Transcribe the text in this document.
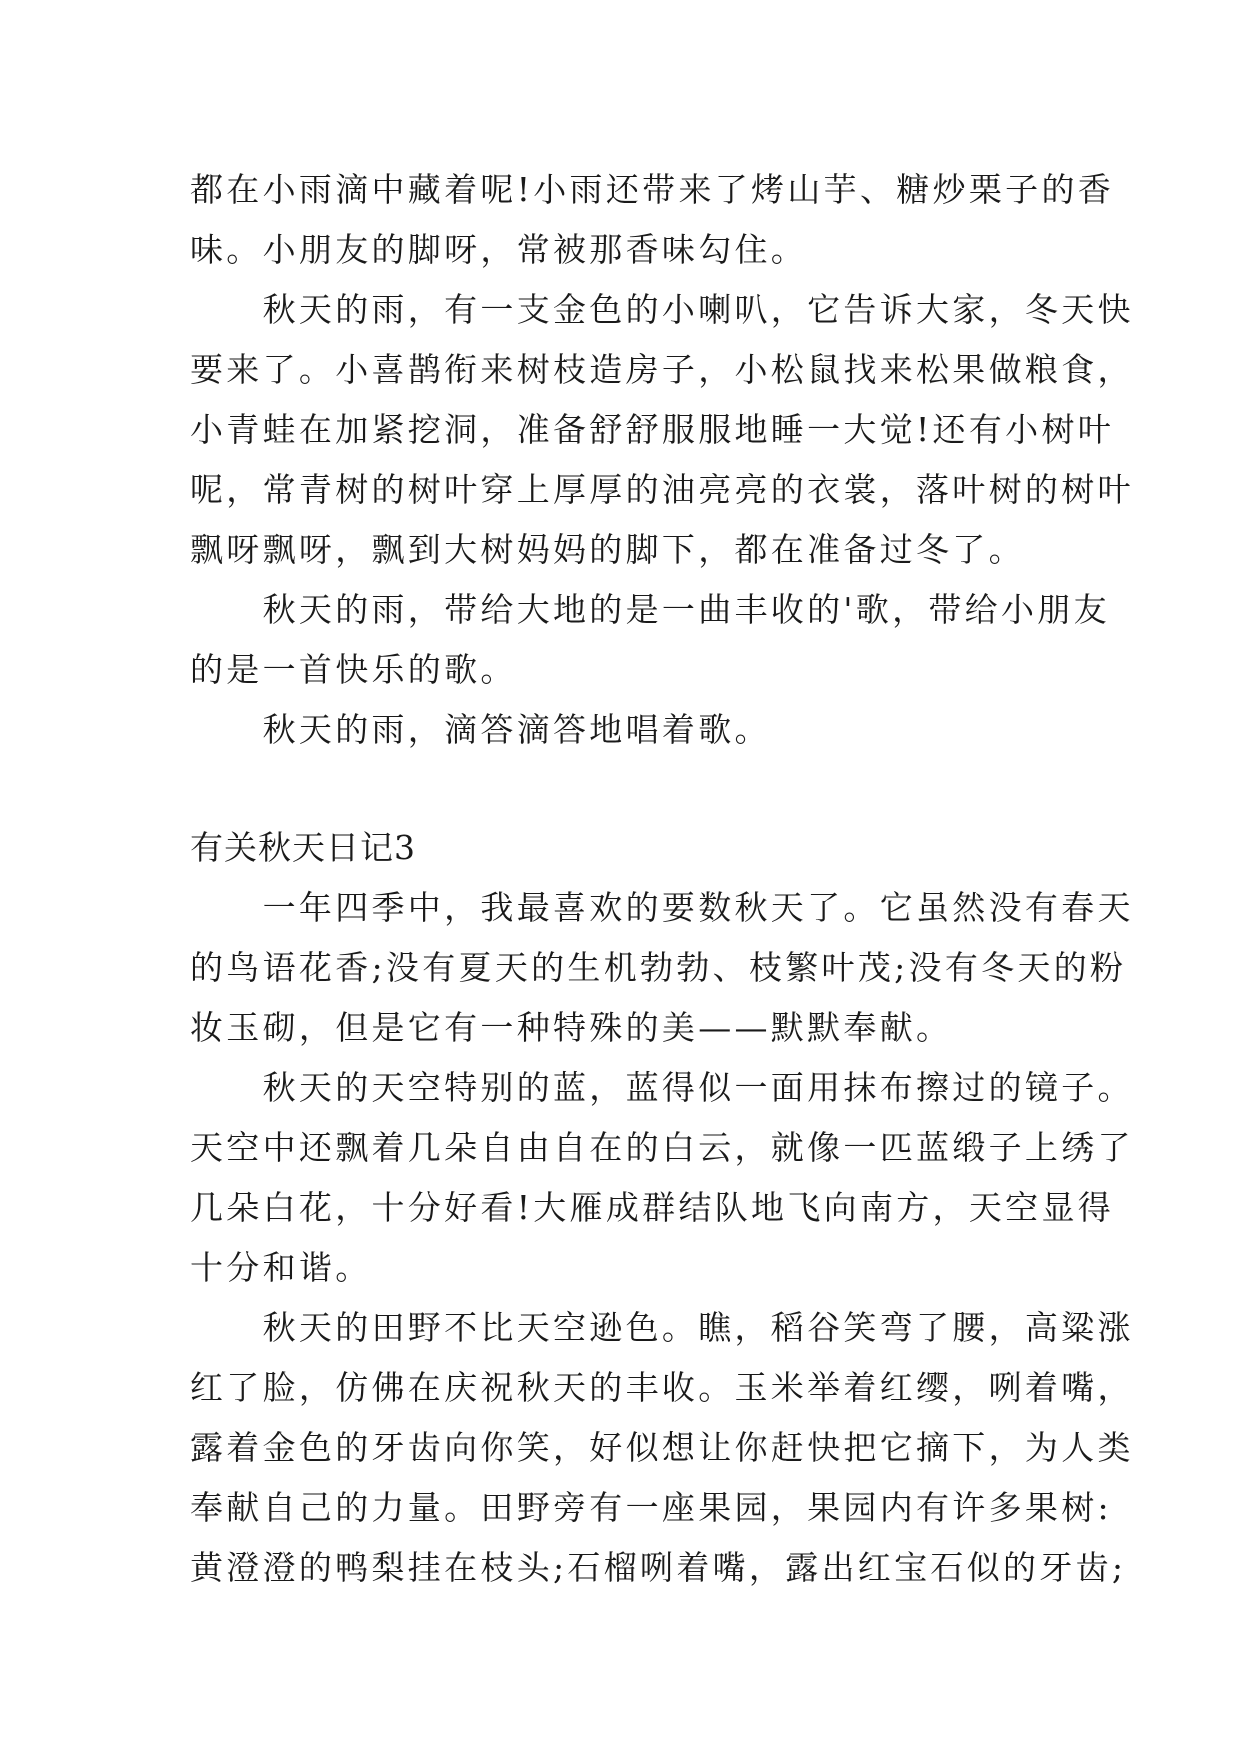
都在小雨滴中藏着呢!小雨还带来了烤山芋、糖炒栗子的香
味。小朋友的脚呀，常被那香味勾住。
　　秋天的雨，有一支金色的小喇叭，它告诉大家，冬天快
要来了。小喜鹊衔来树枝造房子，小松鼠找来松果做粮食，
小青蛙在加紧挖洞，准备舒舒服服地睡一大觉!还有小树叶
呢，常青树的树叶穿上厚厚的油亮亮的衣裳，落叶树的树叶
飘呀飘呀，飘到大树妈妈的脚下，都在准备过冬了。
　　秋天的雨，带给大地的是一曲丰收的'歌，带给小朋友
的是一首快乐的歌。
　　秋天的雨，滴答滴答地唱着歌。
有关秋天日记3
　　一年四季中，我最喜欢的要数秋天了。它虽然没有春天
的鸟语花香;没有夏天的生机勃勃、枝繁叶茂;没有冬天的粉
妆玉砌，但是它有一种特殊的美——默默奉献。
　　秋天的天空特别的蓝，蓝得似一面用抹布擦过的镜子。
天空中还飘着几朵自由自在的白云，就像一匹蓝缎子上绣了
几朵白花，十分好看!大雁成群结队地飞向南方，天空显得
十分和谐。
　　秋天的田野不比天空逊色。瞧，稻谷笑弯了腰，高粱涨
红了脸，仿佛在庆祝秋天的丰收。玉米举着红缨，咧着嘴，
露着金色的牙齿向你笑，好似想让你赶快把它摘下，为人类
奉献自己的力量。田野旁有一座果园，果园内有许多果树:
黄澄澄的鸭梨挂在枝头;石榴咧着嘴，露出红宝石似的牙齿;
